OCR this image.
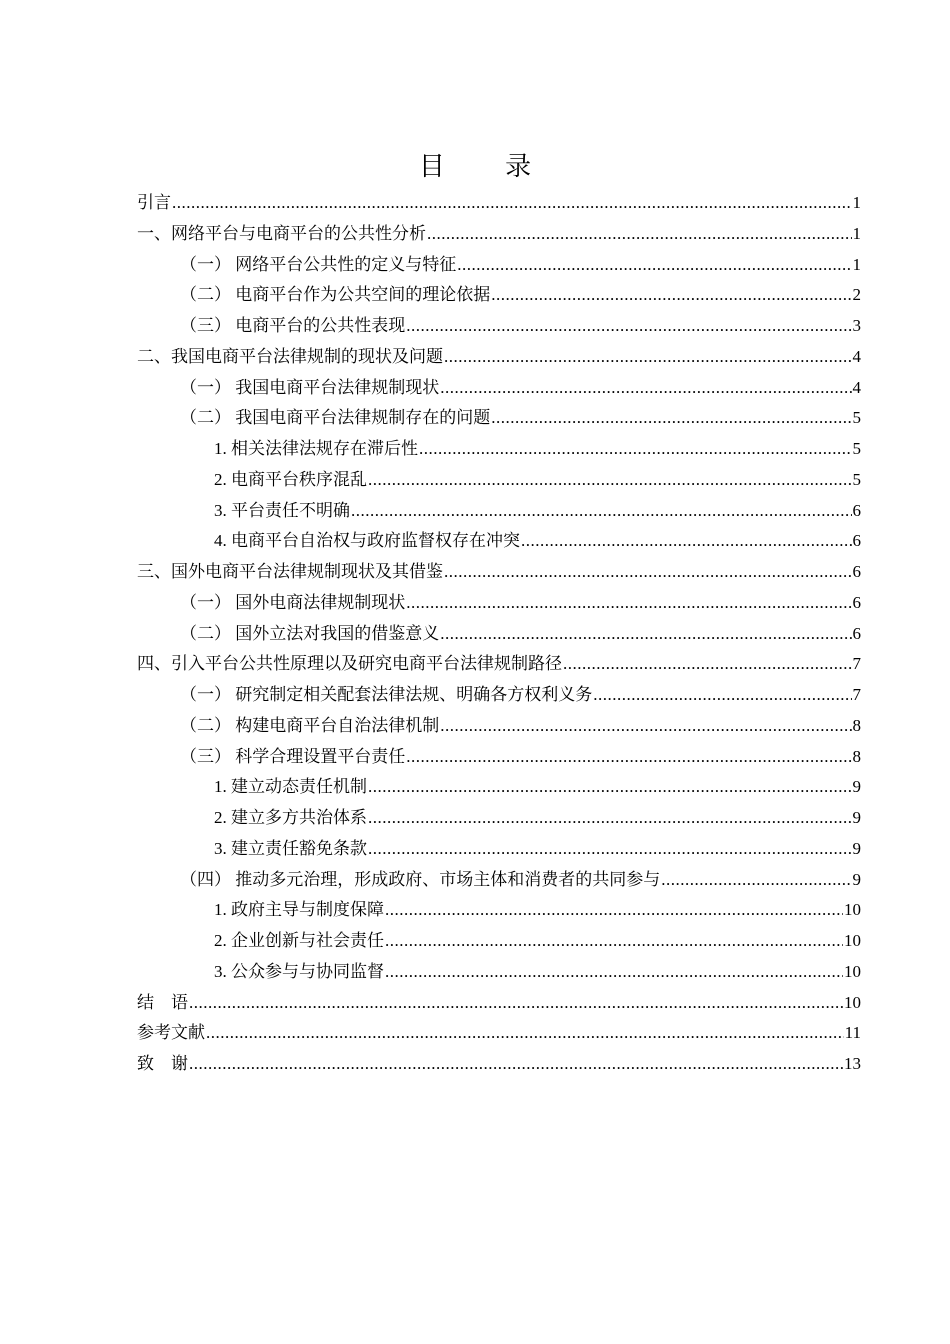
目 录
引言 .....	1
一、网络平台与电商平台的公共性分析 .....	1
（一） 网络平台公共性的定义与特征 .....	1
（二） 电商平台作为公共空间的理论依据 .....	2
（三） 电商平台的公共性表现 .....	3
二、我国电商平台法律规制的现状及问题 .....	4
（一） 我国电商平台法律规制现状 .....	4
（二） 我国电商平台法律规制存在的问题 .....	5
1. 相关法律法规存在滞后性 .....	5
2. 电商平台秩序混乱 .....	5
3. 平台责任不明确 .....	6
4. 电商平台自治权与政府监督权存在冲突 .....	6
三、国外电商平台法律规制现状及其借鉴 .....	6
（一） 国外电商法律规制现状 .....	6
（二） 国外立法对我国的借鉴意义 .....	6
四、引入平台公共性原理以及研究电商平台法律规制路径 .....	7
（一） 研究制定相关配套法律法规、明确各方权利义务 .....	7
（二） 构建电商平台自治法律机制 .....	8
（三） 科学合理设置平台责任 .....	8
1. 建立动态责任机制 .....	9
2. 建立多方共治体系 .....	9
3. 建立责任豁免条款 .....	9
（四） 推动多元治理，形成政府、市场主体和消费者的共同参与 .....	9
1. 政府主导与制度保障 .....	10
2. 企业创新与社会责任 .....	10
3. 公众参与与协同监督 .....	10
结　语 .....	10
参考文献 .....	11
致　谢 .....	13
